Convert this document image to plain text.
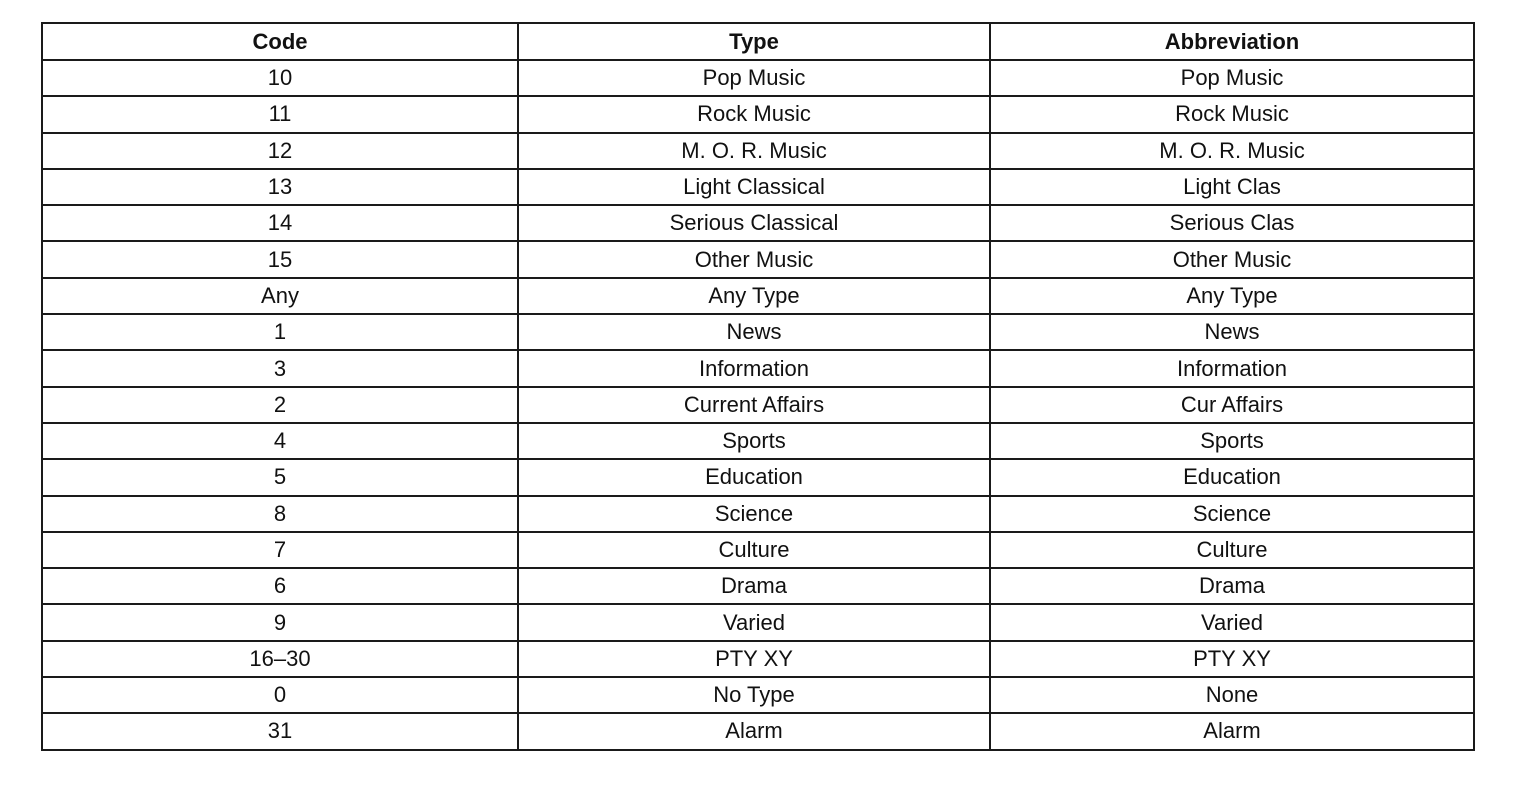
Code	Type	Abbreviation
10	Pop Music	Pop Music
11	Rock Music	Rock Music
12	M. O. R. Music	M. O. R. Music
13	Light Classical	Light Clas
14	Serious Classical	Serious Clas
15	Other Music	Other Music
Any	Any Type	Any Type
1	News	News
3	Information	Information
2	Current Affairs	Cur Affairs
4	Sports	Sports
5	Education	Education
8	Science	Science
7	Culture	Culture
6	Drama	Drama
9	Varied	Varied
16–30	PTY XY	PTY XY
0	No Type	None
31	Alarm	Alarm
